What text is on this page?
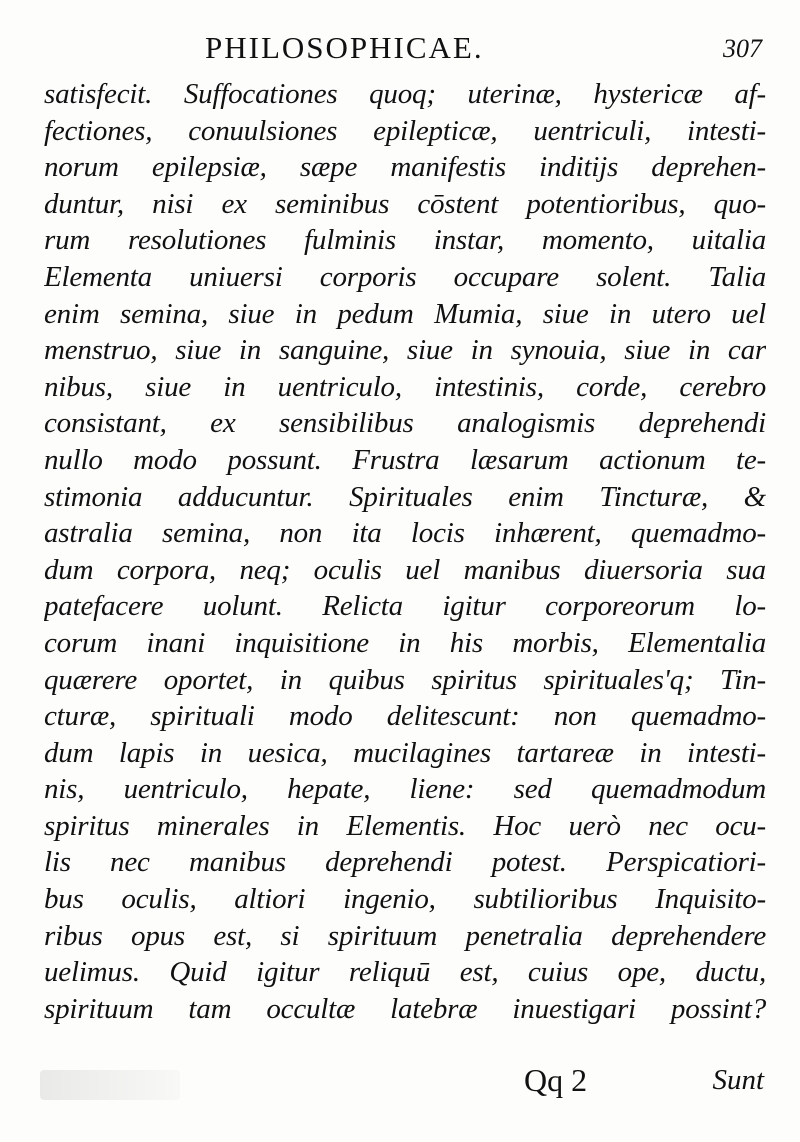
PHILOSOPHICAE.	307
satisfecit. Suffocationes quoq; uterinæ, hystericæ af-
fectiones, conuulsiones epilepticæ, uentriculi, intesti-
norum epilepsiæ, sæpe manifestis inditijs deprehen-
duntur, nisi ex seminibus cōstent potentioribus, quo-
rum resolutiones fulminis instar, momento, uitalia
Elementa uniuersi corporis occupare solent. Talia
enim semina, siue in pedum Mumia, siue in utero uel
menstruo, siue in sanguine, siue in synouia, siue in car
nibus, siue in uentriculo, intestinis, corde, cerebro
consistant, ex sensibilibus analogismis deprehendi
nullo modo possunt. Frustra læsarum actionum te-
stimonia adducuntur. Spirituales enim Tincturæ, &
astralia semina, non ita locis inhærent, quemadmo-
dum corpora, neq; oculis uel manibus diuersoria sua
patefacere uolunt. Relicta igitur corporeorum lo-
corum inani inquisitione in his morbis, Elementalia
quærere oportet, in quibus spiritus spirituales'q; Tin-
cturæ, spirituali modo delitescunt: non quemadmo-
dum lapis in uesica, mucilagines tartareæ in intesti-
nis, uentriculo, hepate, liene: sed quemadmodum
spiritus minerales in Elementis. Hoc uerò nec ocu-
lis nec manibus deprehendi potest. Perspicatiori-
bus oculis, altiori ingenio, subtilioribus Inquisito-
ribus opus est, si spirituum penetralia deprehendere
uelimus. Quid igitur reliquū est, cuius ope, ductu,
spirituum tam occultæ latebræ inuestigari possint?
Qq 2	Sunt
